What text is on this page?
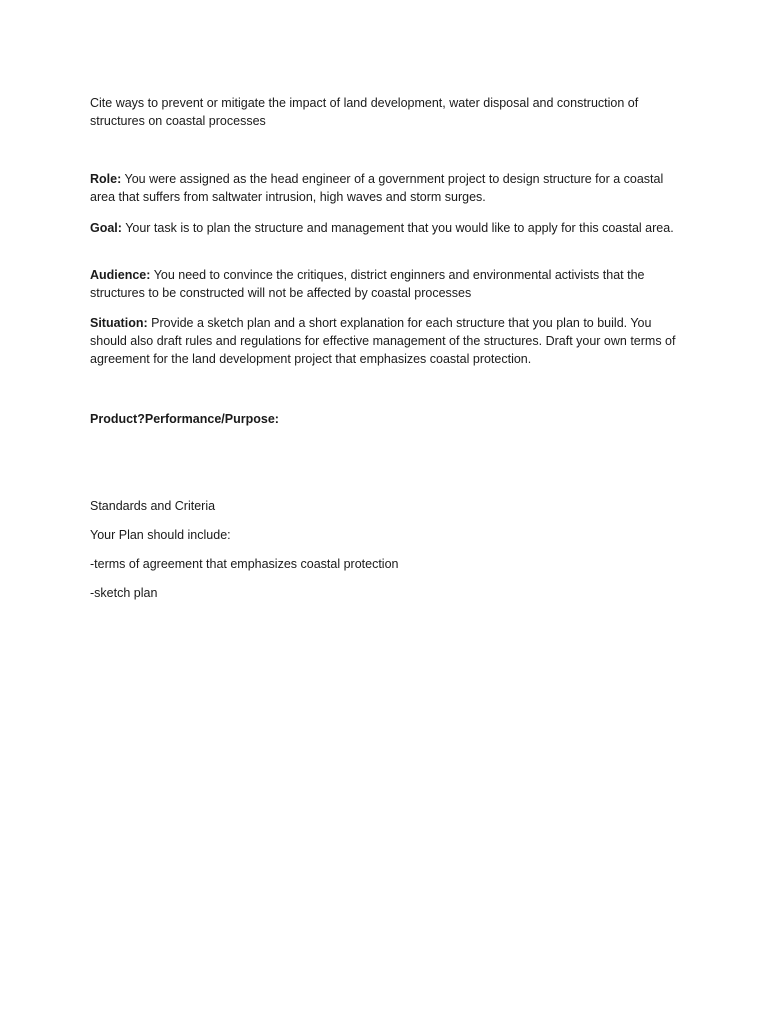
Cite ways to prevent or mitigate the impact of land development, water disposal and construction of structures on coastal processes

Role: You were assigned as the head engineer of a government project to design structure for a coastal area that suffers from saltwater intrusion, high waves and storm surges.

Goal: Your task is to plan the structure and management that you would like to apply for this coastal area.

Audience: You need to convince the critiques, district enginners and environmental activists that the structures to be constructed will not be affected by coastal processes

Situation: Provide a sketch plan and a short explanation for each structure that you plan to build. You should also draft rules and regulations for effective management of the structures. Draft your own terms of agreement for the land development project that emphasizes coastal protection.

Product?Performance/Purpose:

Standards and Criteria

Your Plan should include:

-terms of agreement that emphasizes coastal protection

-sketch plan
